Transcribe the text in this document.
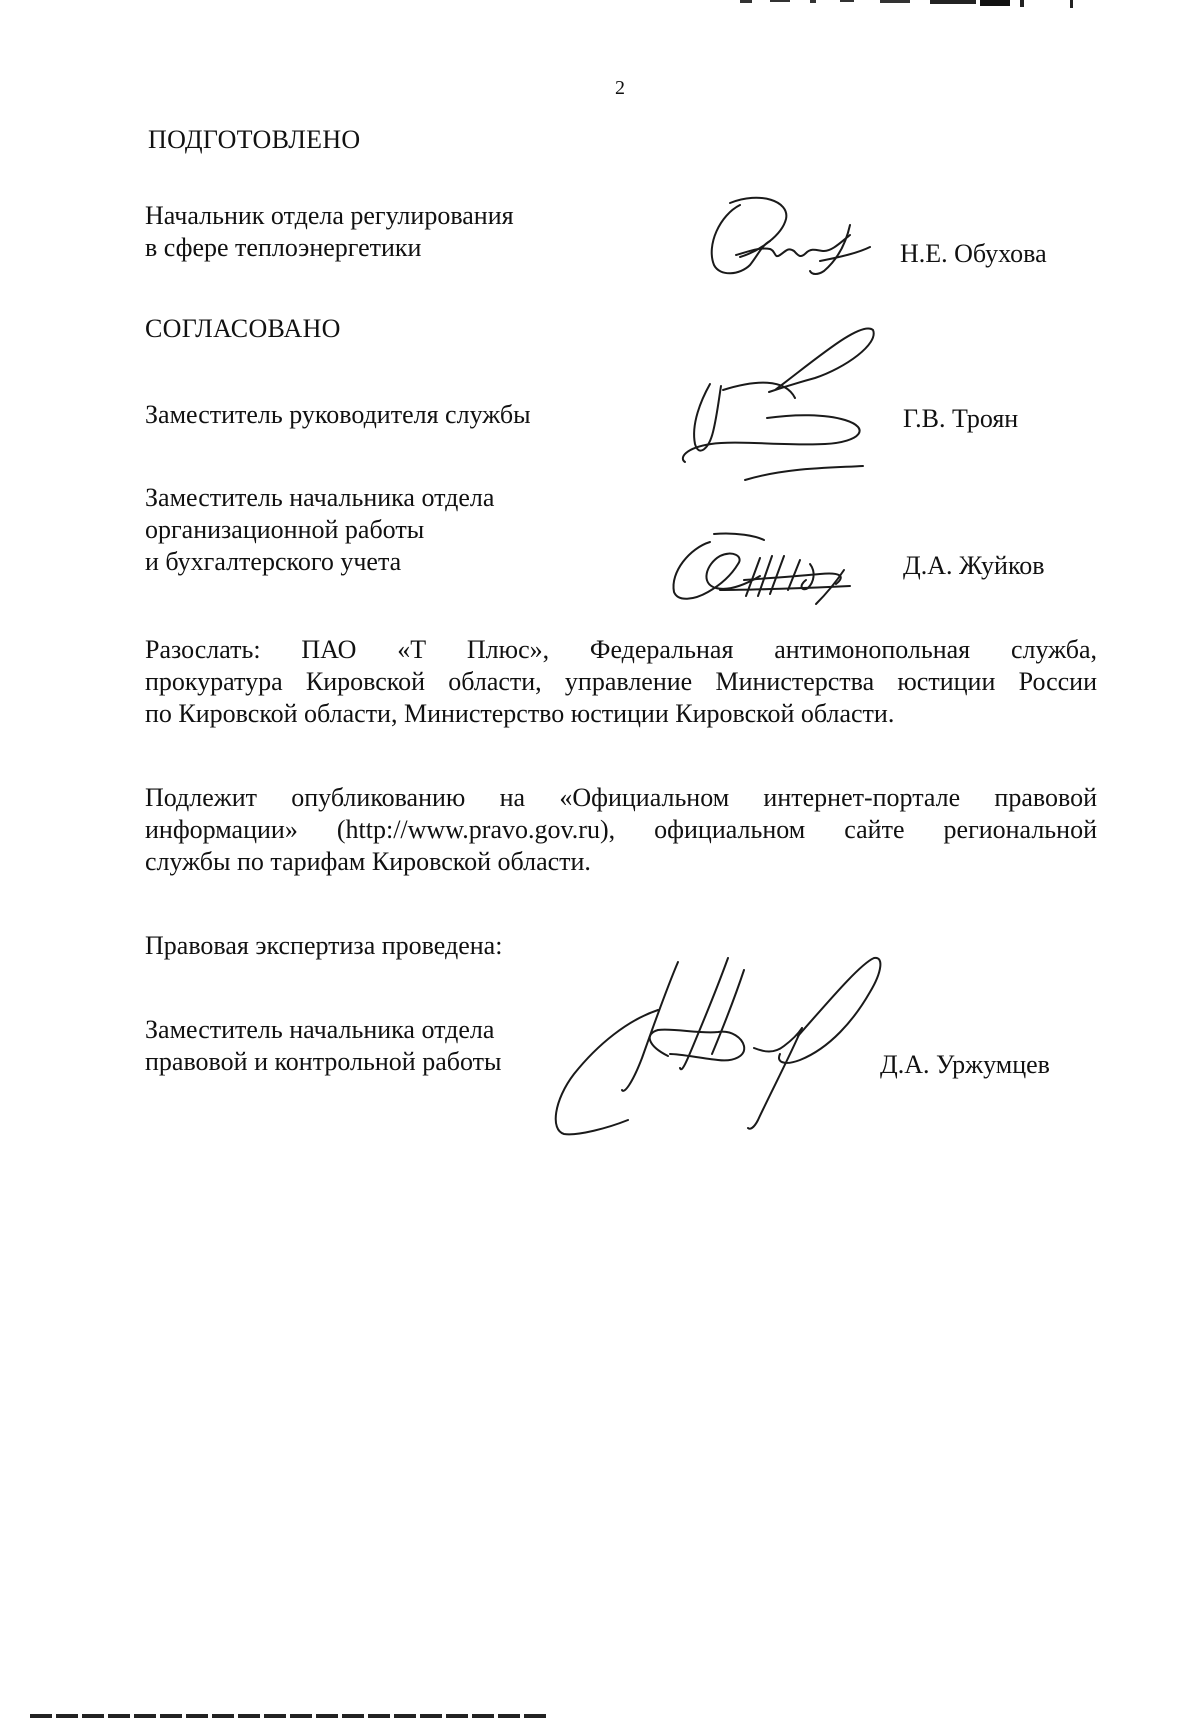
2
ПОДГОТОВЛЕНО
Начальник отдела регулирования
в сфере теплоэнергетики	Н.Е. Обухова
СОГЛАСОВАНО
Заместитель руководителя службы	Г.В. Троян
Заместитель начальника отдела
организационной работы
и бухгалтерского учета	Д.А. Жуйков
Разослать: ПАО «Т Плюс», Федеральная антимонопольная служба,
прокуратура Кировской области, управление Министерства юстиции России
по Кировской области, Министерство юстиции Кировской области.
Подлежит опубликованию на «Официальном интернет-портале правовой
информации» (http://www.pravo.gov.ru), официальном сайте региональной
службы по тарифам Кировской области.
Правовая экспертиза проведена:
Заместитель начальника отдела
правовой и контрольной работы	Д.А. Уржумцев
